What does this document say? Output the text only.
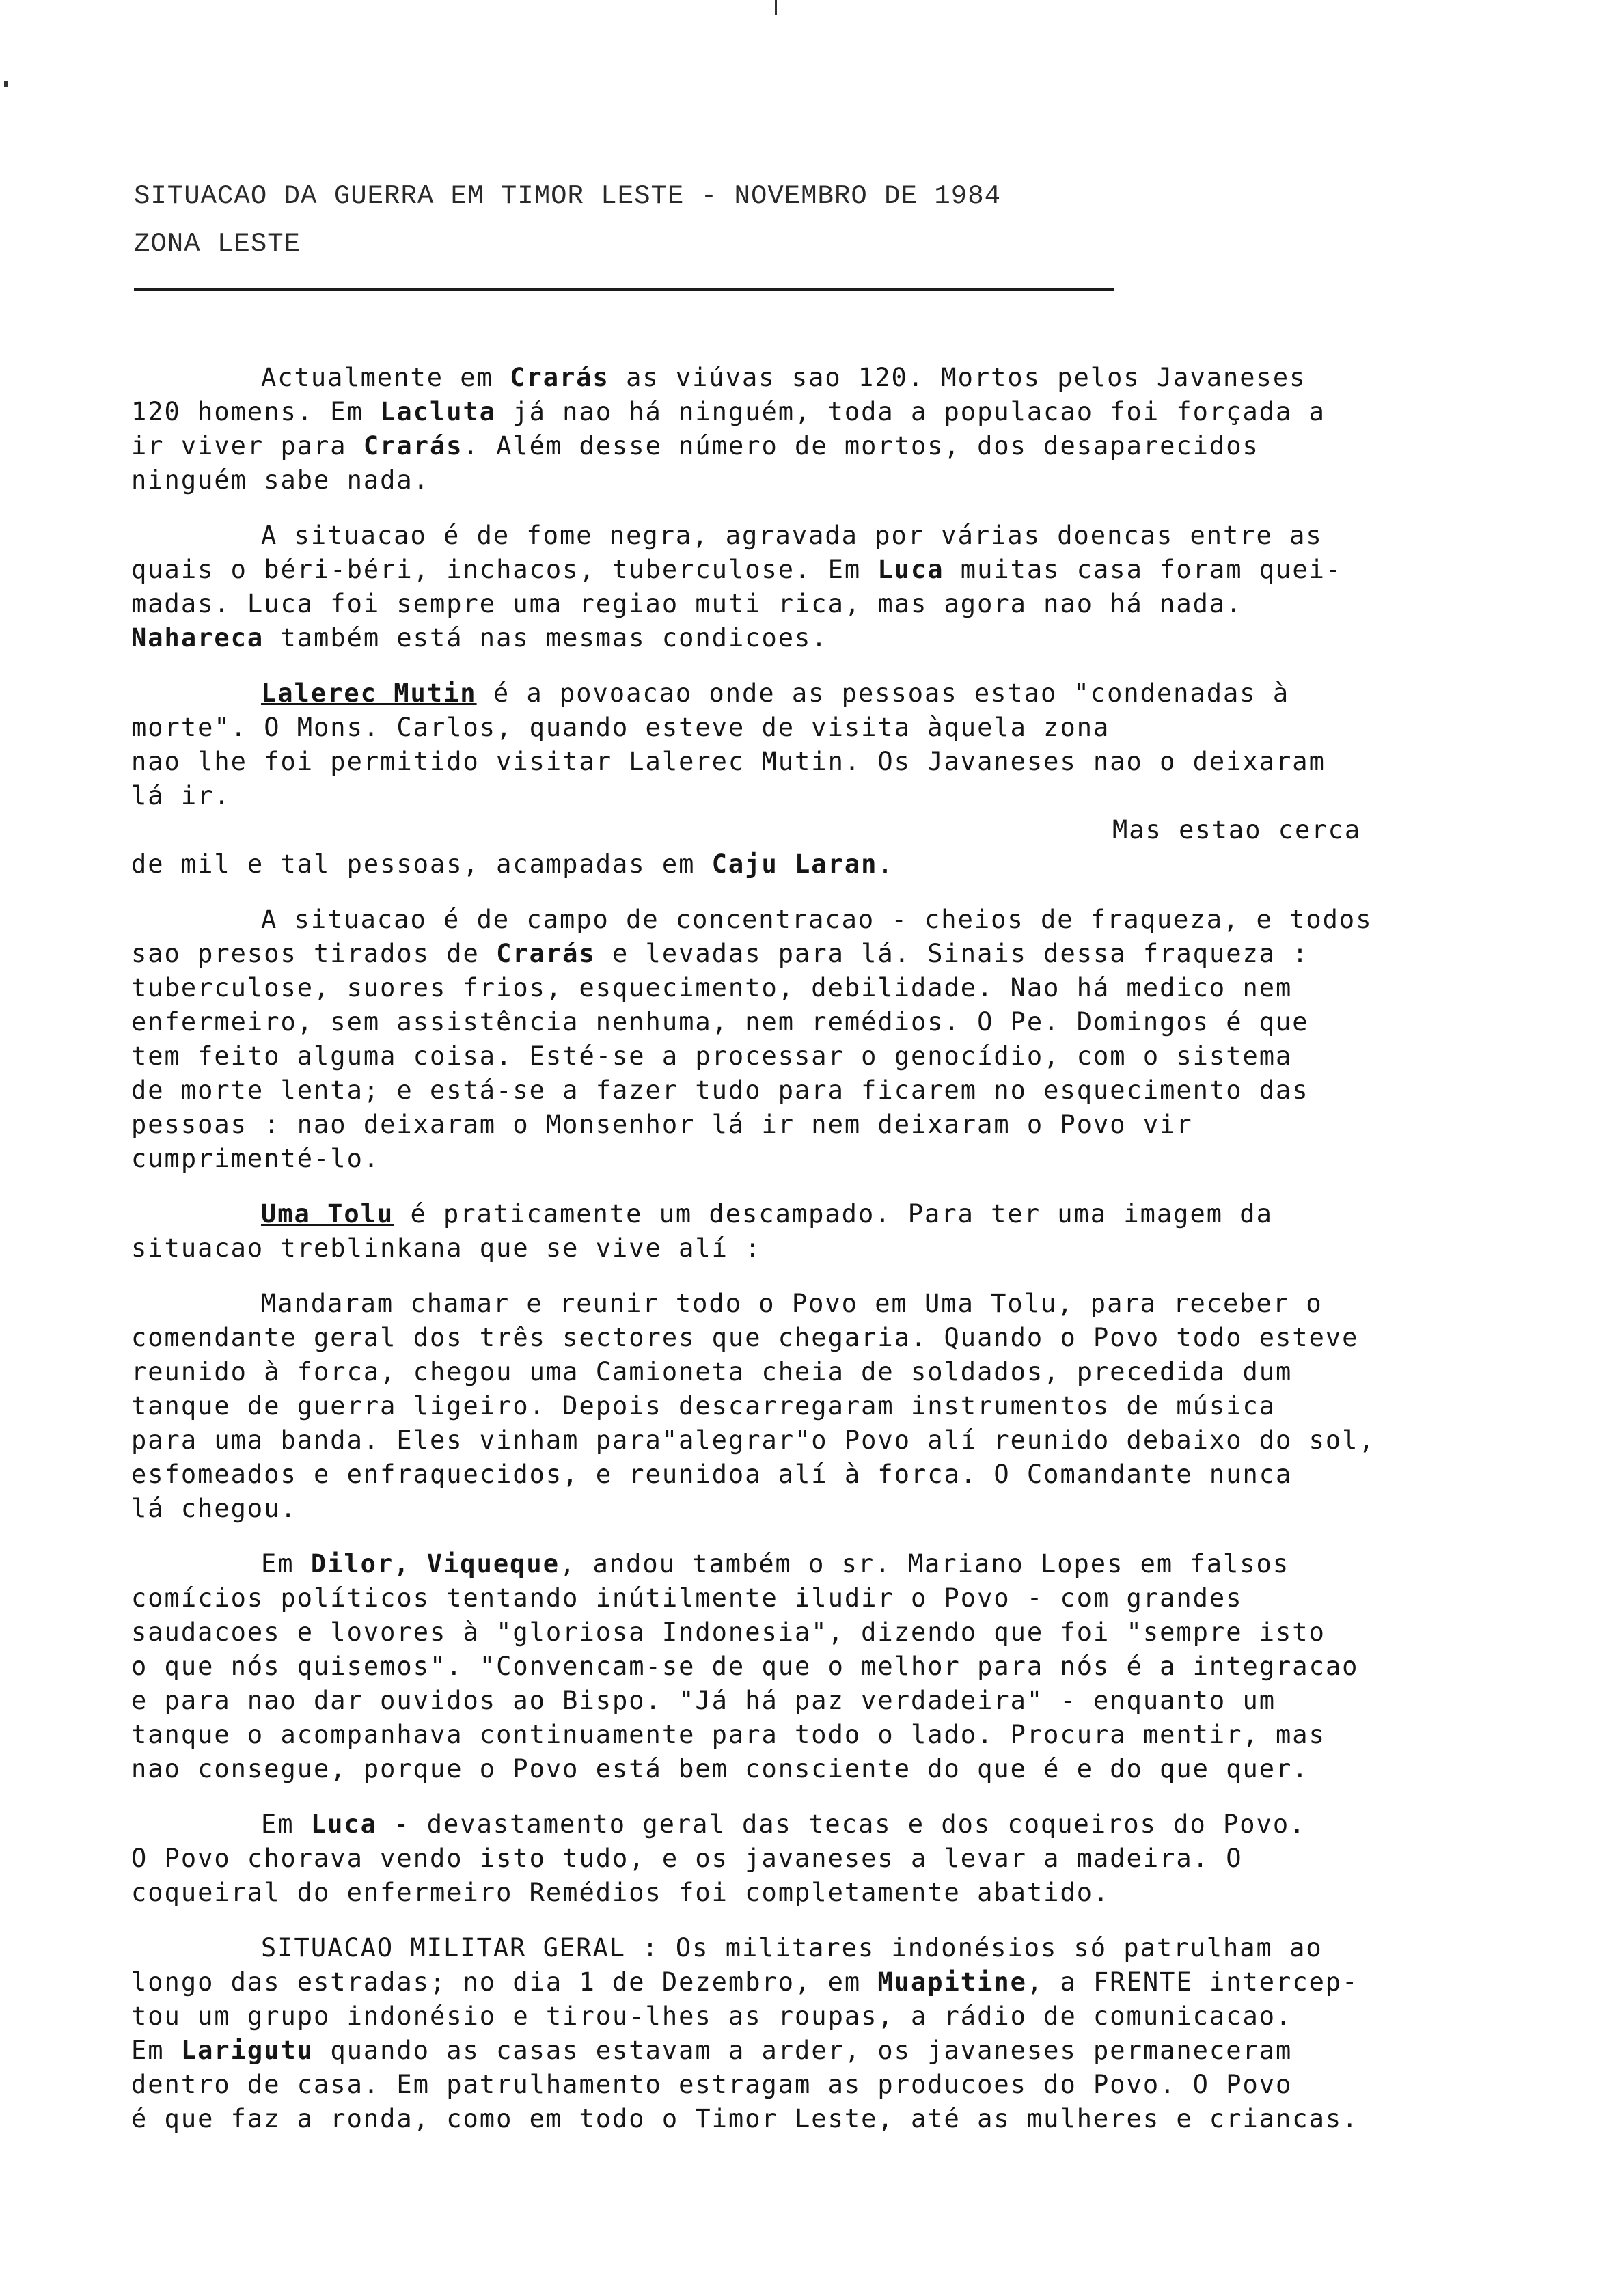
SITUACAO DA GUERRA EM TIMOR LESTE - NOVEMBRO DE 1984
ZONA LESTE
Actualmente em Crarás as viúvas sao 120. Mortos pelos Javaneses
120 homens. Em Lacluta já nao há ninguém, toda a populacao foi forçada a
ir viver para Crarás. Além desse número de mortos, dos desaparecidos
ninguém sabe nada.
A situacao é de fome negra, agravada por várias doencas entre as
quais o béri-béri, inchacos, tuberculose. Em Luca muitas casa foram quei-
madas. Luca foi sempre uma regiao muti rica, mas agora nao há nada.
Nahareca também está nas mesmas condicoes.
Lalerec Mutin é a povoacao onde as pessoas estao "condenadas à
morte". O Mons. Carlos, quando esteve de visita àquela zona
nao lhe foi permitido visitar Lalerec Mutin. Os Javaneses nao o deixaram
lá ir.
Mas estao cerca
de mil e tal pessoas, acampadas em Caju Laran.
A situacao é de campo de concentracao - cheios de fraqueza, e todos
sao presos tirados de Crarás e levadas para lá. Sinais dessa fraqueza :
tuberculose, suores frios, esquecimento, debilidade. Nao há medico nem
enfermeiro, sem assistência nenhuma, nem remédios. O Pe. Domingos é que
tem feito alguma coisa. Esté-se a processar o genocídio, com o sistema
de morte lenta; e está-se a fazer tudo para ficarem no esquecimento das
pessoas : nao deixaram o Monsenhor lá ir nem deixaram o Povo vir
cumprimenté-lo.
Uma Tolu é praticamente um descampado. Para ter uma imagem da
situacao treblinkana que se vive alí :
Mandaram chamar e reunir todo o Povo em Uma Tolu, para receber o
comendante geral dos três sectores que chegaria. Quando o Povo todo esteve
reunido à forca, chegou uma Camioneta cheia de soldados, precedida dum
tanque de guerra ligeiro. Depois descarregaram instrumentos de música
para uma banda. Eles vinham para"alegrar"o Povo alí reunido debaixo do sol,
esfomeados e enfraquecidos, e reunidoa alí à forca. O Comandante nunca
lá chegou.
Em Dilor, Viqueque, andou também o sr. Mariano Lopes em falsos
comícios políticos tentando inútilmente iludir o Povo - com grandes
saudacoes e lovores à "gloriosa Indonesia", dizendo que foi "sempre isto
o que nós quisemos". "Convencam-se de que o melhor para nós é a integracao
e para nao dar ouvidos ao Bispo. "Já há paz verdadeira" - enquanto um
tanque o acompanhava continuamente para todo o lado. Procura mentir, mas
nao consegue, porque o Povo está bem consciente do que é e do que quer.
Em Luca - devastamento geral das tecas e dos coqueiros do Povo.
O Povo chorava vendo isto tudo, e os javaneses a levar a madeira. O
coqueiral do enfermeiro Remédios foi completamente abatido.
SITUACAO MILITAR GERAL : Os militares indonésios só patrulham ao
longo das estradas; no dia 1 de Dezembro, em Muapitine, a FRENTE intercep-
tou um grupo indonésio e tirou-lhes as roupas, a rádio de comunicacao.
Em Larigutu quando as casas estavam a arder, os javaneses permaneceram
dentro de casa. Em patrulhamento estragam as producoes do Povo. O Povo
é que faz a ronda, como em todo o Timor Leste, até as mulheres e criancas.
